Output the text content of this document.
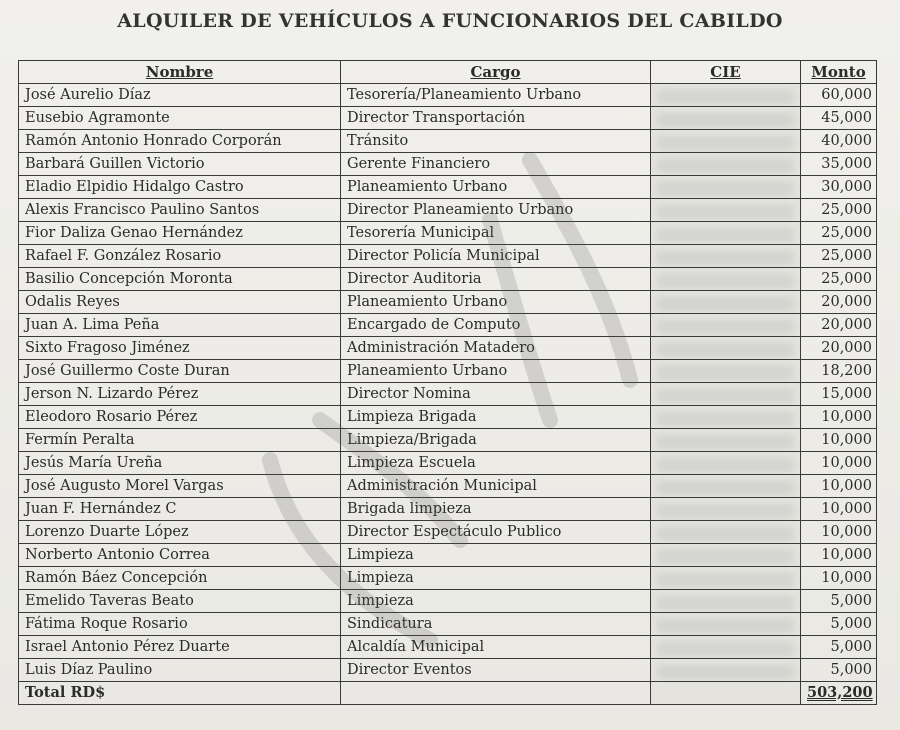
ALQUILER DE VEHÍCULOS A FUNCIONARIOS DEL CABILDO
Nombre	Cargo	CIE	Monto
José Aurelio Díaz	Tesorería/Planeamiento Urbano		60,000
Eusebio Agramonte	Director Transportación		45,000
Ramón Antonio Honrado Corporán	Tránsito		40,000
Barbará Guillen Victorio	Gerente Financiero		35,000
Eladio Elpidio Hidalgo Castro	Planeamiento Urbano		30,000
Alexis Francisco Paulino Santos	Director Planeamiento Urbano		25,000
Fior Daliza Genao Hernández	Tesorería Municipal		25,000
Rafael F. González Rosario	Director Policía Municipal		25,000
Basilio Concepción Moronta	Director Auditoria		25,000
Odalis Reyes	Planeamiento Urbano		20,000
Juan A. Lima Peña	Encargado de Computo		20,000
Sixto Fragoso Jiménez	Administración Matadero		20,000
José Guillermo Coste Duran	Planeamiento Urbano		18,200
Jerson N. Lizardo Pérez	Director Nomina		15,000
Eleodoro Rosario Pérez	Limpieza Brigada		10,000
Fermín Peralta	Limpieza/Brigada		10,000
Jesús María Ureña	Limpieza Escuela		10,000
José Augusto Morel Vargas	Administración Municipal		10,000
Juan F. Hernández C	Brigada limpieza		10,000
Lorenzo Duarte López	Director Espectáculo Publico		10,000
Norberto Antonio Correa	Limpieza		10,000
Ramón Báez Concepción	Limpieza		10,000
Emelido Taveras Beato	Limpieza		5,000
Fátima Roque Rosario	Sindicatura		5,000
Israel Antonio Pérez Duarte	Alcaldía Municipal		5,000
Luis Díaz Paulino	Director Eventos		5,000
Total RD$			503,200
